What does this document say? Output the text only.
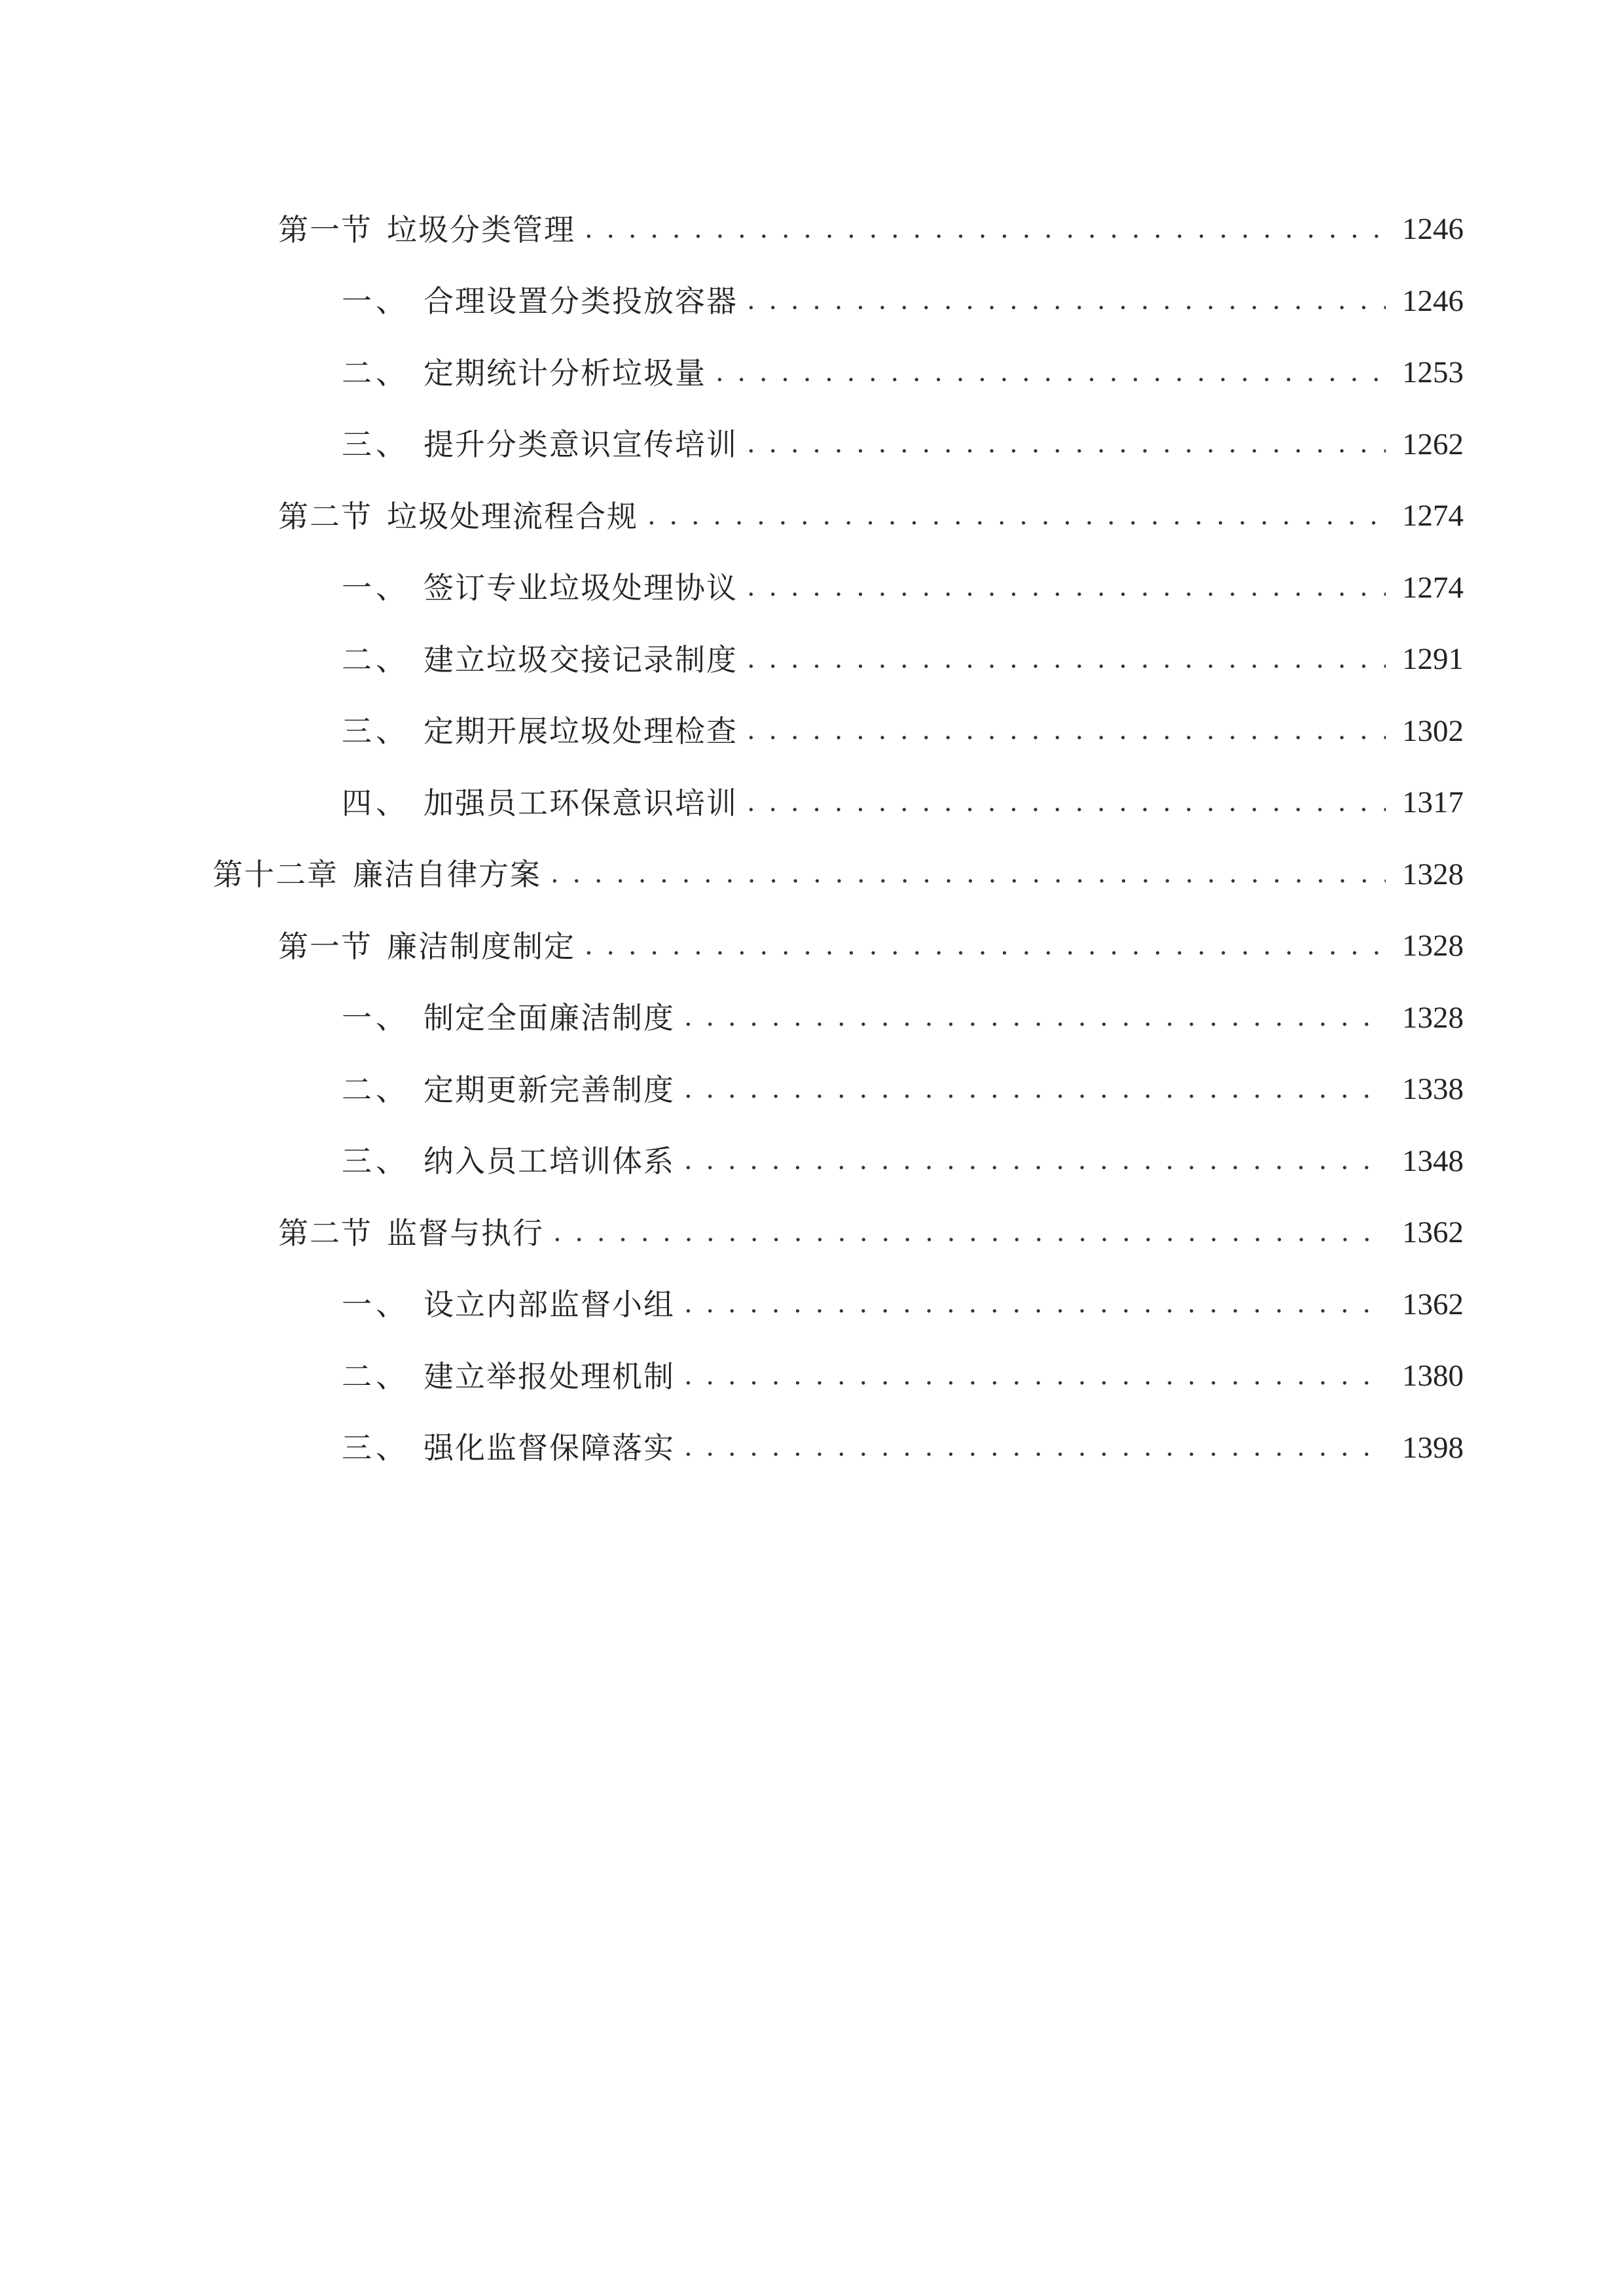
第一节 垃圾分类管理 . . .	1246
一、 合理设置分类投放容器 . . .	1246
二、 定期统计分析垃圾量 . . .	1253
三、 提升分类意识宣传培训 . . .	1262
第二节 垃圾处理流程合规 . . .	1274
一、 签订专业垃圾处理协议 . . .	1274
二、 建立垃圾交接记录制度 . . .	1291
三、 定期开展垃圾处理检查 . . .	1302
四、 加强员工环保意识培训 . . .	1317
第十二章 廉洁自律方案 . . .	1328
第一节 廉洁制度制定 . . .	1328
一、 制定全面廉洁制度 . . .	1328
二、 定期更新完善制度 . . .	1338
三、 纳入员工培训体系 . . .	1348
第二节 监督与执行 . . .	1362
一、 设立内部监督小组 . . .	1362
二、 建立举报处理机制 . . .	1380
三、 强化监督保障落实 . . .	1398
